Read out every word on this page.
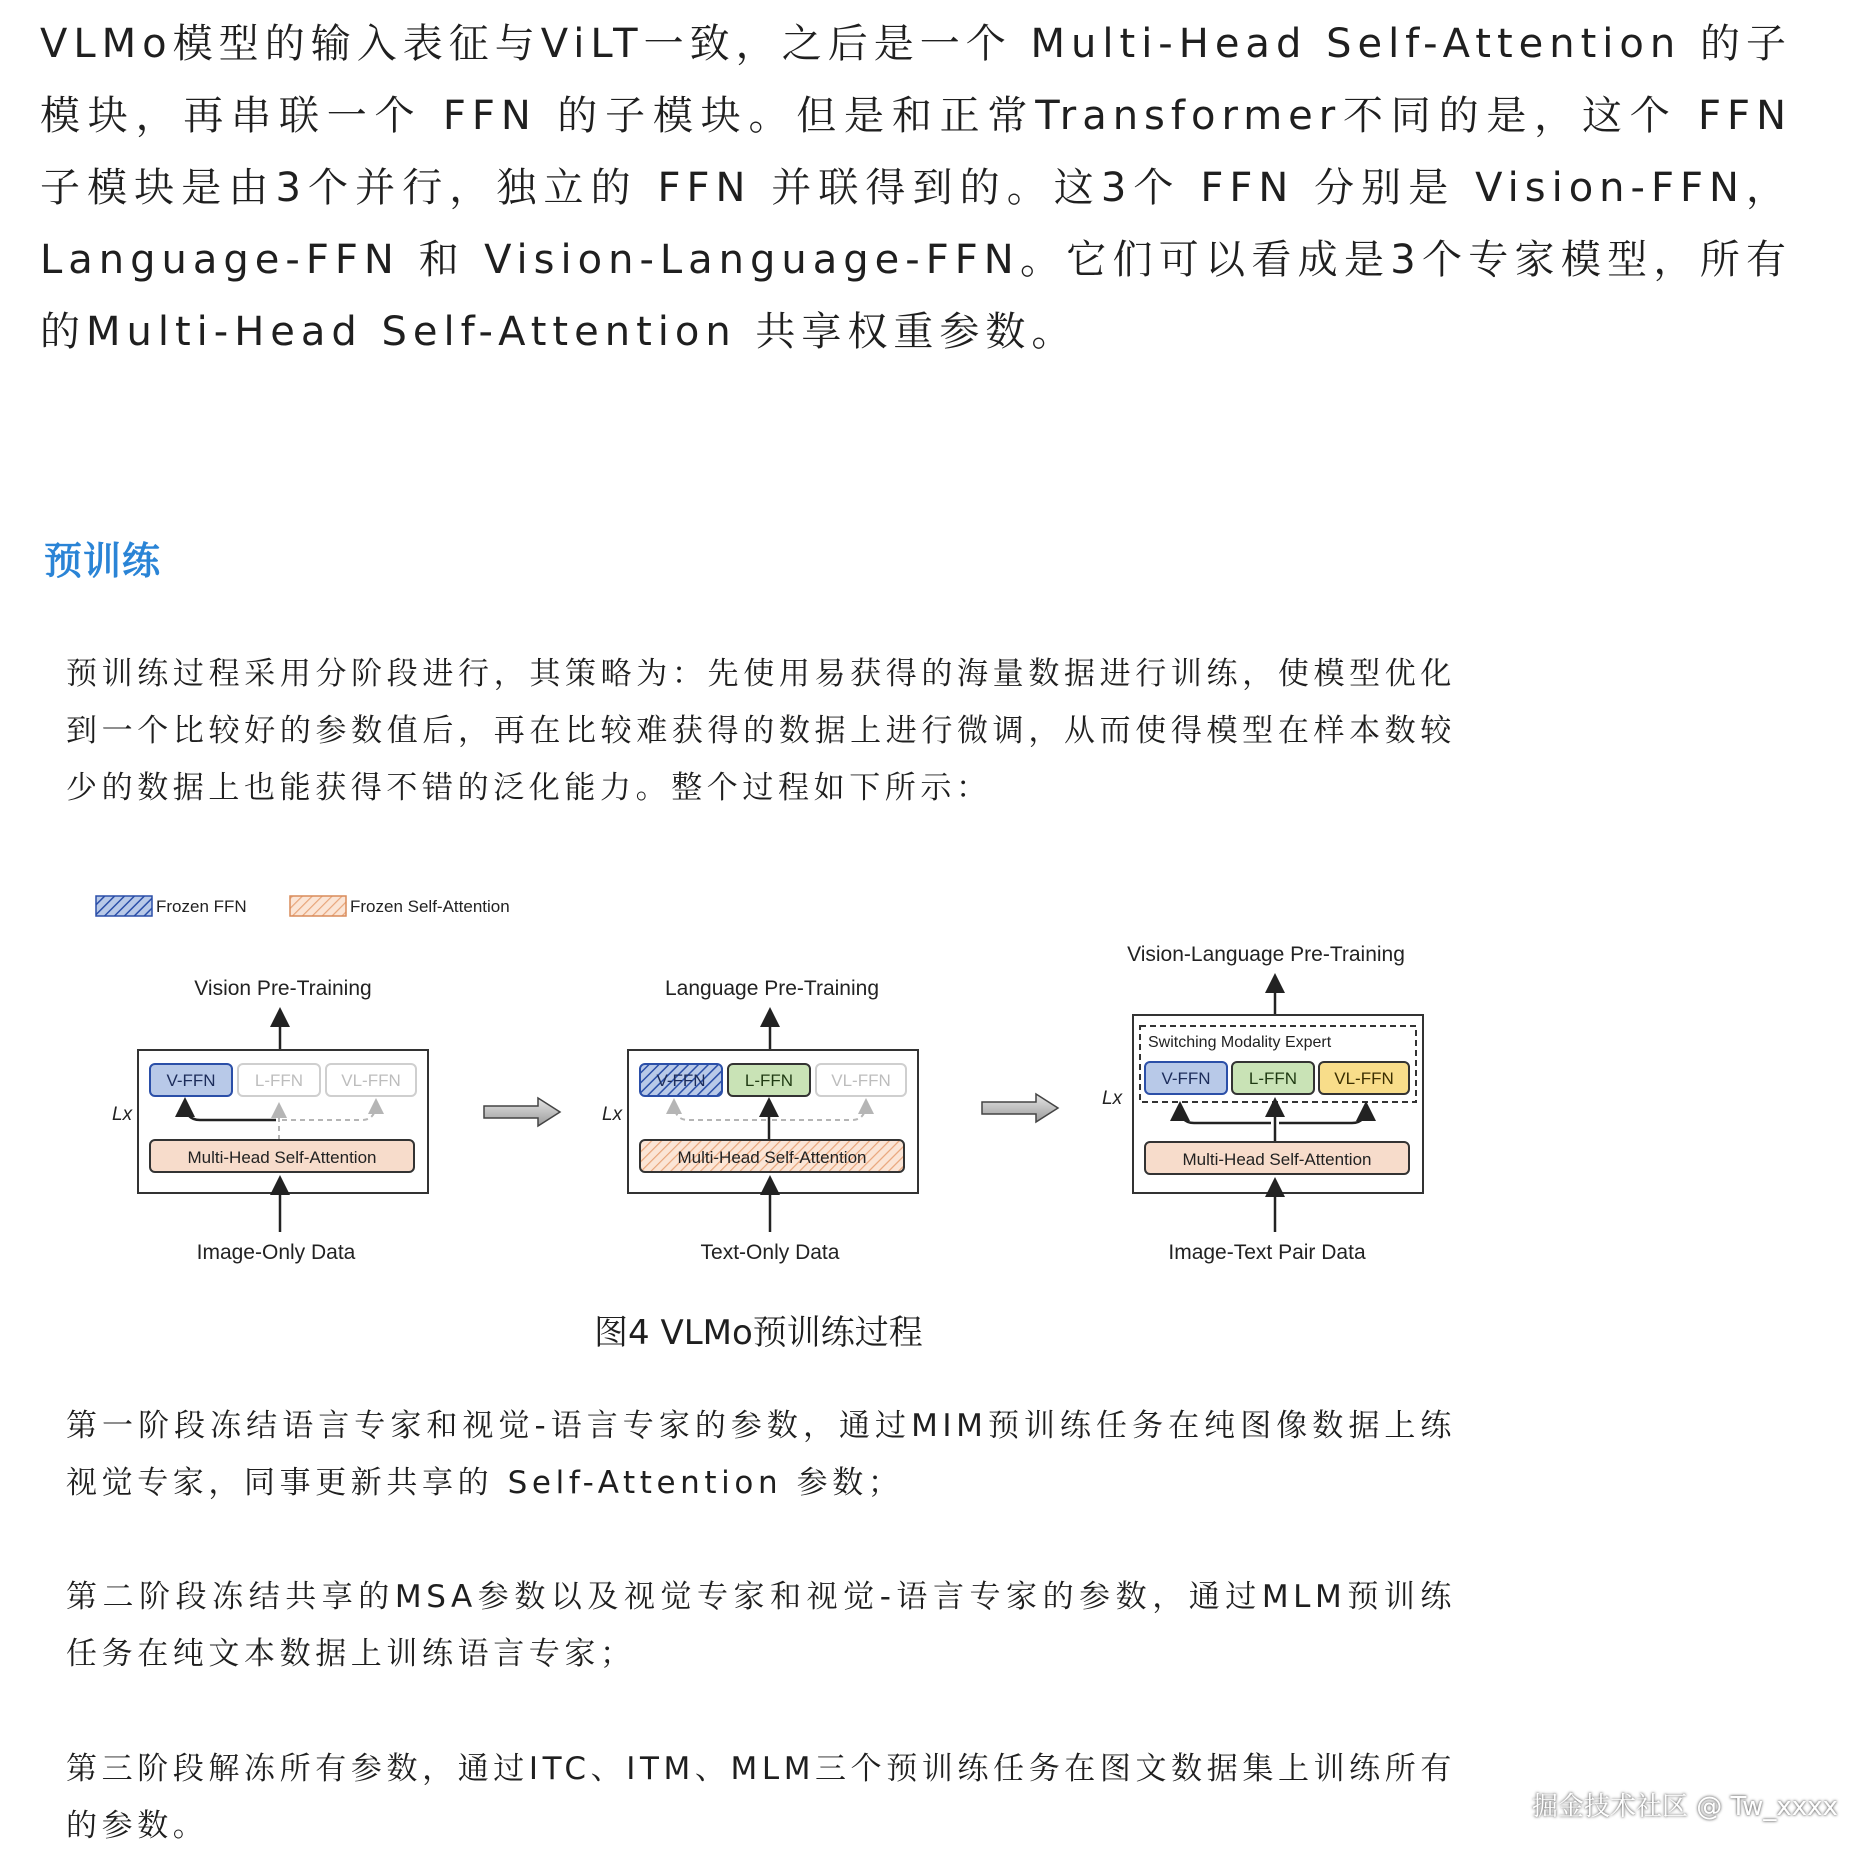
VLMo模型的输入表征与ViLT一致，之后是一个 Multi-Head Self-Attention 的子模块，再串联一个 FFN 的子模块。但是和正常Transformer不同的是，这个 FFN 子模块是由3个并行，独立的 FFN 并联得到的。这3个 FFN 分别是 Vision-FFN，Language-FFN 和 Vision-Language-FFN。它们可以看成是3个专家模型，所有的Multi-Head Self-Attention 共享权重参数。

预训练

预训练过程采用分阶段进行，其策略为：先使用易获得的海量数据进行训练，使模型优化到一个比较好的参数值后，再在比较难获得的数据上进行微调，从而使得模型在样本数较少的数据上也能获得不错的泛化能力。整个过程如下所示：

Frozen FFN	Frozen Self-Attention
Vision Pre-Training
Lx
V-FFN L-FFN VL-FFN
Multi-Head Self-Attention
Image-Only Data
Language Pre-Training
Lx
V-FFN L-FFN VL-FFN
Multi-Head Self-Attention
Text-Only Data
Vision-Language Pre-Training
Lx
Switching Modality Expert
V-FFN L-FFN VL-FFN
Multi-Head Self-Attention
Image-Text Pair Data

图4 VLMo预训练过程

第一阶段冻结语言专家和视觉-语言专家的参数，通过MIM预训练任务在纯图像数据上练视觉专家，同事更新共享的 Self-Attention 参数；

第二阶段冻结共享的MSA参数以及视觉专家和视觉-语言专家的参数，通过MLM预训练任务在纯文本数据上训练语言专家；

第三阶段解冻所有参数，通过ITC、ITM、MLM三个预训练任务在图文数据集上训练所有的参数。

掘金技术社区 @ Tw_xxxx
